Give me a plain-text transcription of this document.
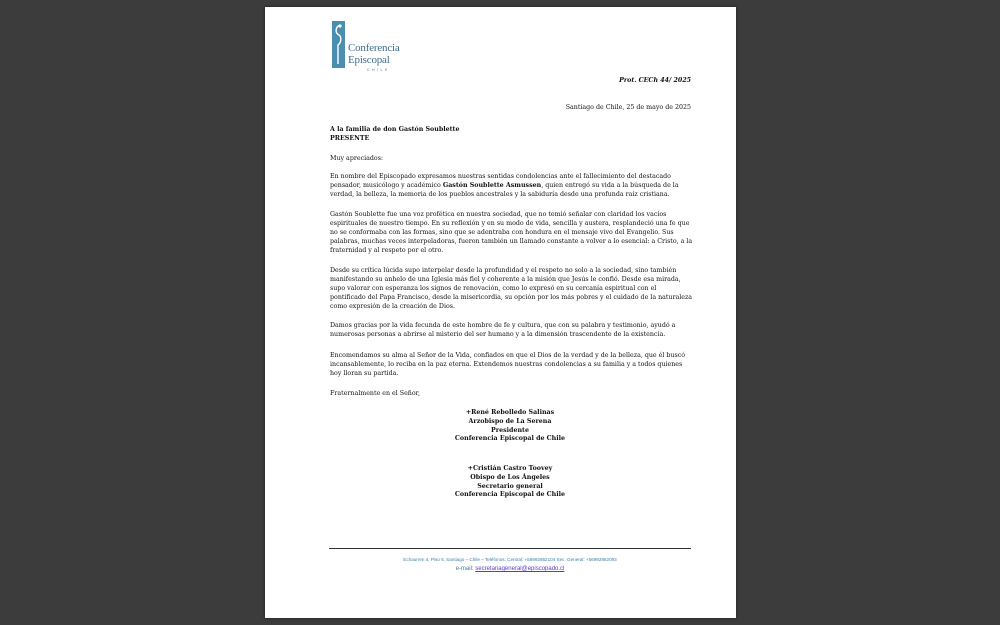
Conferencia
Episcopal
CHILE
Prot. CECh 44/ 2025
Santiago de Chile, 25 de mayo de 2025
A la familia de don Gastón Soublette
PRESENTE
Muy apreciados:
En nombre del Episcopado expresamos nuestras sentidas condolencias ante el fallecimiento del destacado pensador, musicólogo y académico Gastón Soublette Asmussen, quien entregó su vida a la búsqueda de la verdad, la belleza, la memoria de los pueblos ancestrales y la sabiduría desde una profunda raíz cristiana.
Gastón Soublette fue una voz profética en nuestra sociedad, que no temió señalar con claridad los vacíos espirituales de nuestro tiempo. En su reflexión y en su modo de vida, sencilla y austera, resplandeció una fe que no se conformaba con las formas, sino que se adentraba con hondura en el mensaje vivo del Evangelio. Sus palabras, muchas veces interpeladoras, fueron también un llamado constante a volver a lo esencial: a Cristo, a la fraternidad y al respeto por el otro.
Desde su crítica lúcida supo interpelar desde la profundidad y el respeto no solo a la sociedad, sino también manifestando su anhelo de una Iglesia más fiel y coherente a la misión que Jesús le confió. Desde esa mirada, supo valorar con esperanza los signos de renovación, como lo expresó en su cercanía espiritual con el pontificado del Papa Francisco, desde la misericordia, su opción por los más pobres y el cuidado de la naturaleza como expresión de la creación de Dios.
Damos gracias por la vida fecunda de este hombre de fe y cultura, que con su palabra y testimonio, ayudó a numerosas personas a abrirse al misterio del ser humano y a la dimensión trascendente de la existencia.
Encomendamos su alma al Señor de la Vida, confiados en que el Dios de la verdad y de la belleza, que él buscó incansablemente, lo reciba en la paz eterna. Extendemos nuestras condolencias a su familia y a todos quienes hoy lloran su partida.
Fraternalmente en el Señor,
+René Rebolledo Salinas
Arzobispo de La Serena
Presidente
Conferencia Episcopal de Chile
+Cristián Castro Toovey
Obispo de Los Ángeles
Secretario general
Conferencia Episcopal de Chile
Echaurren 4, Piso 6, Santiago – Chile – Teléfonos: Central: +56992862104 Sec. General: +56992862093
e-mail: secretariageneral@episcopado.cl
